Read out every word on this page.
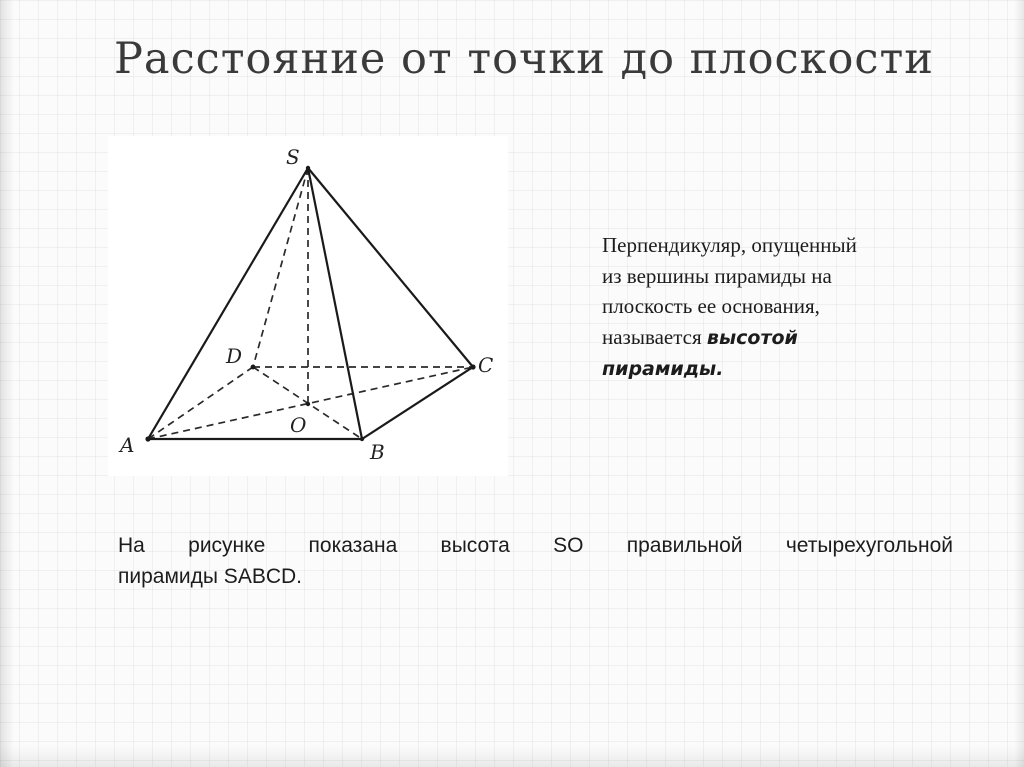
Расстояние от точки до плоскости
S
A	B
C
D
O
Перпендикуляр, опущенный
из вершины пирамиды на
плоскость ее основания,
называется высотой
пирамиды.
На рисунке показана высота SO правильной четырехугольной
пирамиды SABCD.
